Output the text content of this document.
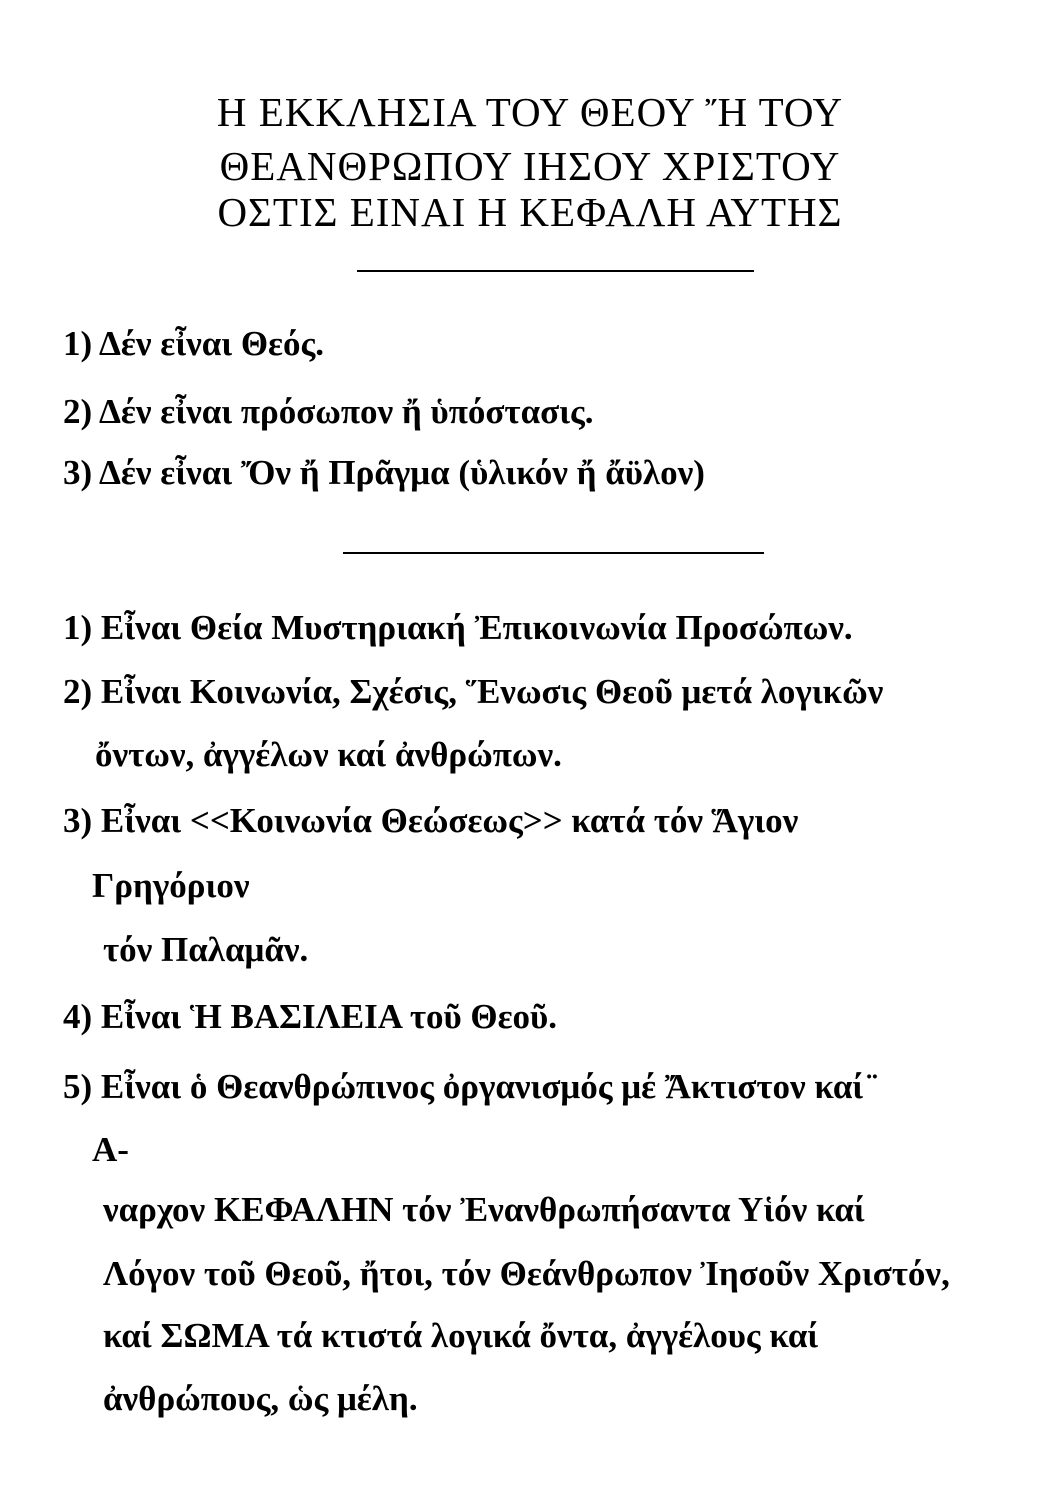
Η ΕΚΚΛΗΣΙΑ ΤΟΥ ΘΕΟΥ Ἤ ΤΟΥ
ΘΕΑΝΘΡΩΠΟΥ ΙΗΣΟΥ ΧΡΙΣΤΟΥ
ΟΣΤΙΣ ΕΙΝΑΙ Η ΚΕΦΑΛΗ ΑΥΤΗΣ
1) Δέν εἶναι Θεός.
2) Δέν εἶναι πρόσωπον ἤ ὑπόστασις.
3) Δέν εἶναι Ὄν ἤ Πρᾶγμα (ὑλικόν ἤ ἄϋλον)
1) Εἶναι Θεία Μυστηριακή Ἐπικοινωνία Προσώπων.
2) Εἶναι Κοινωνία, Σχέσις, Ἕνωσις Θεοῦ μετά λογικῶν
ὄντων, ἀγγέλων καί ἀνθρώπων.
3) Εἶναι <<Κοινωνία Θεώσεως>> κατά τόν Ἅγιον
Γρηγόριον
τόν Παλαμᾶν.
4) Εἶναι Ἡ ΒΑΣΙΛΕΙΑ τοῦ Θεοῦ.
5) Εἶναι ὁ Θεανθρώπινος ὀργανισμός μέ Ἄκτιστον καί ̈
Α-
ναρχον ΚΕΦΑΛΗΝ τόν Ἐνανθρωπήσαντα Υἱόν καί
Λόγον τοῦ Θεοῦ, ἤτοι, τόν Θεάνθρωπον Ἰησοῦν Χριστόν,
καί ΣΩΜΑ τά κτιστά λογικά ὄντα, ἀγγέλους καί
ἀνθρώπους, ὡς μέλη.
